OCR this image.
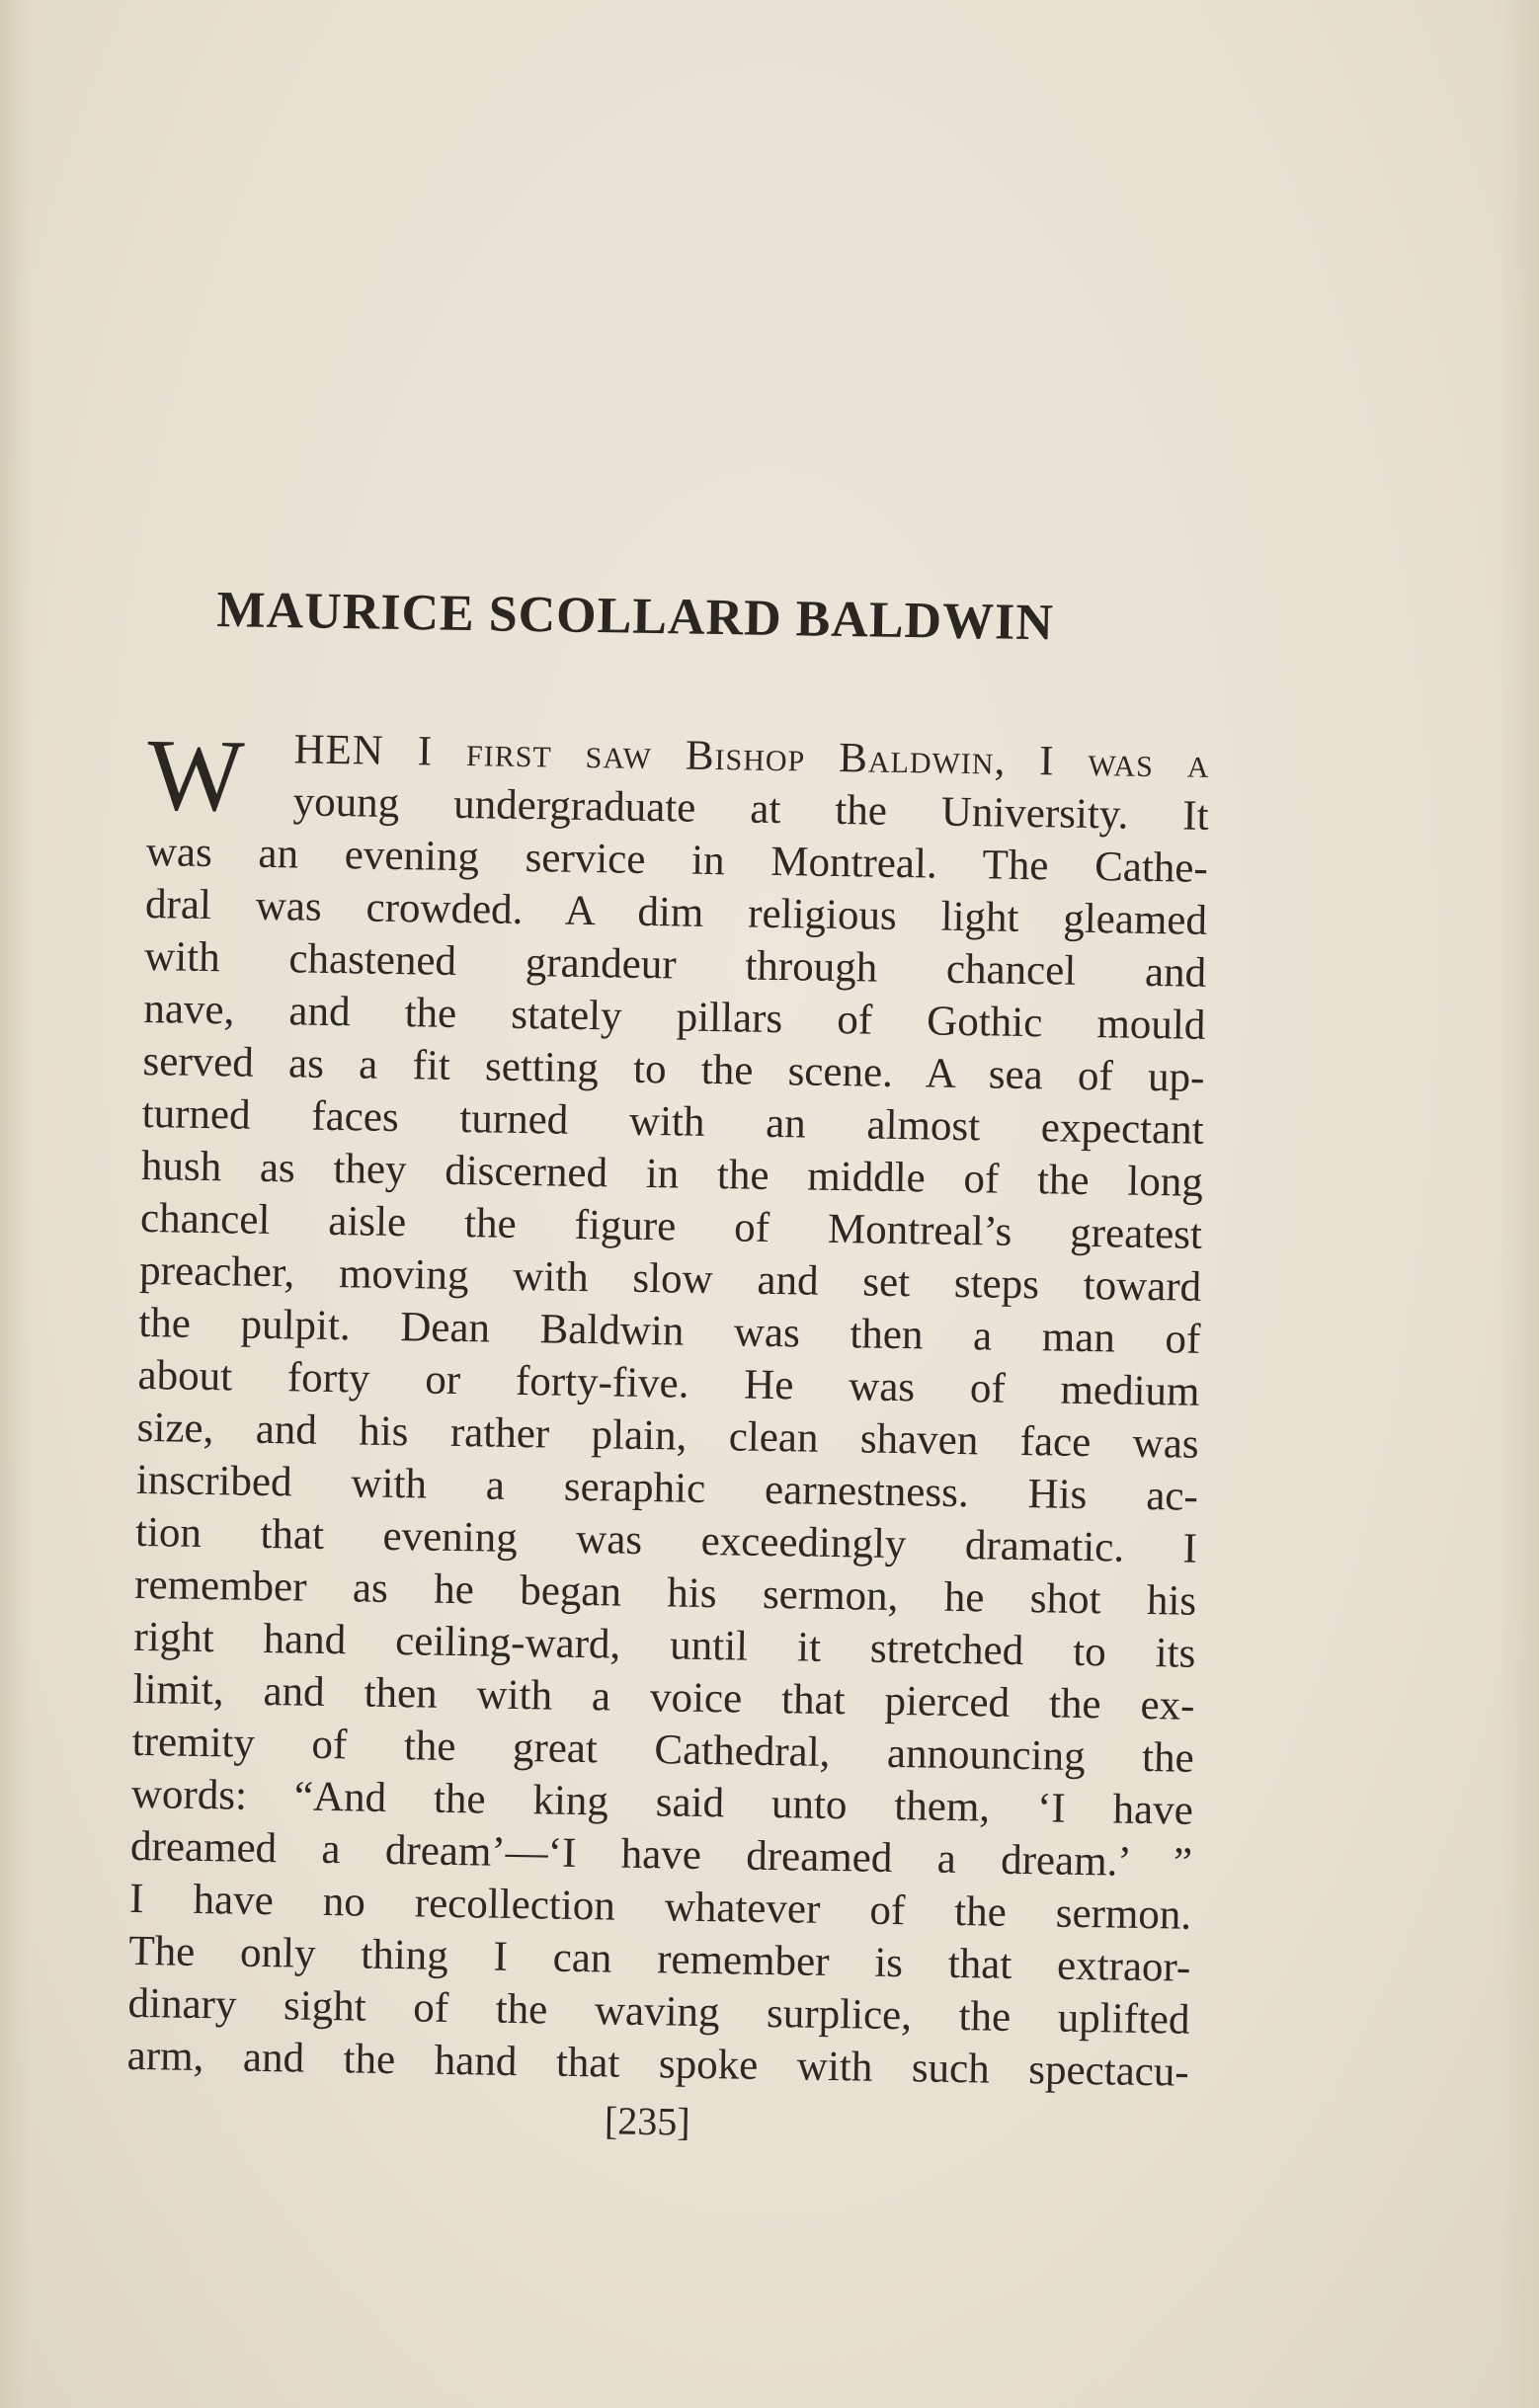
MAURICE SCOLLARD BALDWIN
W HEN I first saw Bishop Baldwin, I was a
young undergraduate at the University. It
was an evening service in Montreal. The Cathe-
dral was crowded. A dim religious light gleamed
with chastened grandeur through chancel and
nave, and the stately pillars of Gothic mould
served as a fit setting to the scene. A sea of up-
turned faces turned with an almost expectant
hush as they discerned in the middle of the long
chancel aisle the figure of Montreal’s greatest
preacher, moving with slow and set steps toward
the pulpit. Dean Baldwin was then a man of
about forty or forty-five. He was of medium
size, and his rather plain, clean shaven face was
inscribed with a seraphic earnestness. His ac-
tion that evening was exceedingly dramatic. I
remember as he began his sermon, he shot his
right hand ceiling-ward, until it stretched to its
limit, and then with a voice that pierced the ex-
tremity of the great Cathedral, announcing the
words: “And the king said unto them, ‘I have
dreamed a dream’—‘I have dreamed a dream.’ ”
I have no recollection whatever of the sermon.
The only thing I can remember is that extraor-
dinary sight of the waving surplice, the uplifted
arm, and the hand that spoke with such spectacu-
[235]
